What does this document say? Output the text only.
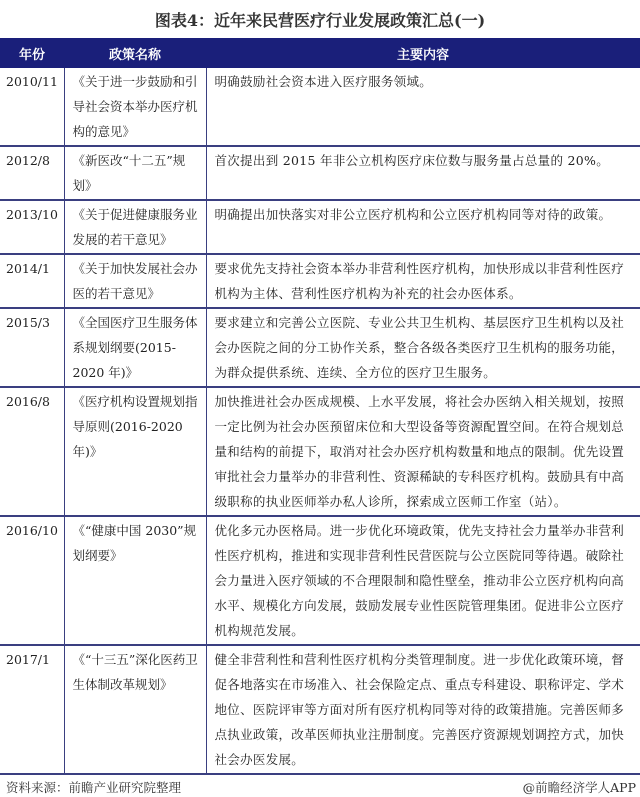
图表4：近年来民营医疗行业发展政策汇总(一)
年份	政策名称	主要内容
2010/11	《关于进一步鼓励和引导社会资本举办医疗机构的意见》	明确鼓励社会资本进入医疗服务领域。
2012/8	《新医改“十二五”规划》	首次提出到 2015 年非公立机构医疗床位数与服务量占总量的 20%。
2013/10	《关于促进健康服务业发展的若干意见》	明确提出加快落实对非公立医疗机构和公立医疗机构同等对待的政策。
2014/1	《关于加快发展社会办医的若干意见》	要求优先支持社会资本举办非营利性医疗机构，加快形成以非营利性医疗机构为主体、营利性医疗机构为补充的社会办医体系。
2015/3	《全国医疗卫生服务体系规划纲要(2015-2020 年)》	要求建立和完善公立医院、专业公共卫生机构、基层医疗卫生机构以及社会办医院之间的分工协作关系，整合各级各类医疗卫生机构的服务功能，为群众提供系统、连续、全方位的医疗卫生服务。
2016/8	《医疗机构设置规划指导原则(2016-2020 年)》	加快推进社会办医成规模、上水平发展，将社会办医纳入相关规划，按照一定比例为社会办医预留床位和大型设备等资源配置空间。在符合规划总量和结构的前提下，取消对社会办医疗机构数量和地点的限制。优先设置审批社会力量举办的非营利性、资源稀缺的专科医疗机构。鼓励具有中高级职称的执业医师举办私人诊所，探索成立医师工作室（站）。
2016/10	《“健康中国 2030”规划纲要》	优化多元办医格局。进一步优化环境政策，优先支持社会力量举办非营利性医疗机构，推进和实现非营利性民营医院与公立医院同等待遇。破除社会力量进入医疗领域的不合理限制和隐性壁垒，推动非公立医疗机构向高水平、规模化方向发展，鼓励发展专业性医院管理集团。促进非公立医疗机构规范发展。
2017/1	《“十三五”深化医药卫生体制改革规划》	健全非营利性和营利性医疗机构分类管理制度。进一步优化政策环境，督促各地落实在市场准入、社会保险定点、重点专科建设、职称评定、学术地位、医院评审等方面对所有医疗机构同等对待的政策措施。完善医师多点执业政策，改革医师执业注册制度。完善医疗资源规划调控方式，加快社会办医发展。
资料来源：前瞻产业研究院整理	@前瞻经济学人APP
